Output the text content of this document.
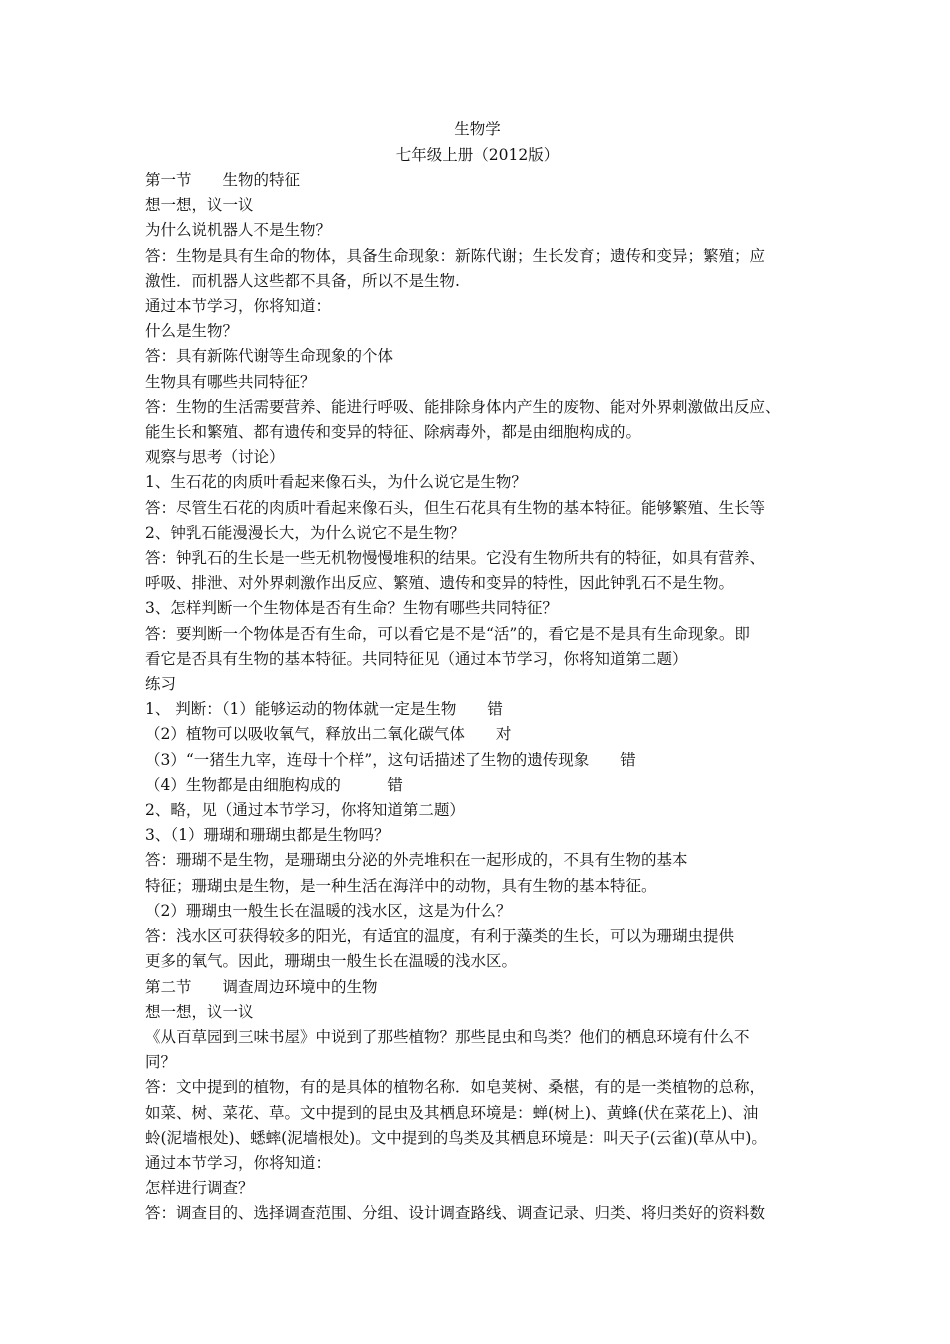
生物学
七年级上册（2012版）
第一节　　生物的特征
想一想，议一议
为什么说机器人不是生物？
答：生物是具有生命的物体，具备生命现象：新陈代谢；生长发育；遗传和变异；繁殖；应
激性．而机器人这些都不具备，所以不是生物.
通过本节学习，你将知道：
什么是生物？
答：具有新陈代谢等生命现象的个体
生物具有哪些共同特征？
答：生物的生活需要营养、能进行呼吸、能排除身体内产生的废物、能对外界刺激做出反应、
能生长和繁殖、都有遗传和变异的特征、除病毒外，都是由细胞构成的。
观察与思考（讨论）
1、生石花的肉质叶看起来像石头，为什么说它是生物？
答：尽管生石花的肉质叶看起来像石头，但生石花具有生物的基本特征。能够繁殖、生长等
2、钟乳石能漫漫长大，为什么说它不是生物？
答：钟乳石的生长是一些无机物慢慢堆积的结果。它没有生物所共有的特征，如具有营养、
呼吸、排泄、对外界刺激作出反应、繁殖、遗传和变异的特性，因此钟乳石不是生物。
3、怎样判断一个生物体是否有生命？生物有哪些共同特征？
答：要判断一个物体是否有生命，可以看它是不是“活”的，看它是不是具有生命现象。即
看它是否具有生物的基本特征。共同特征见（通过本节学习，你将知道第二题）
练习
1、 判断：（1）能够运动的物体就一定是生物　　错
（2）植物可以吸收氧气，释放出二氧化碳气体　　对
（3）“一猪生九宰，连母十个样”，这句话描述了生物的遗传现象　　错
（4）生物都是由细胞构成的　　　错
2、略，见（通过本节学习，你将知道第二题）
3、（1）珊瑚和珊瑚虫都是生物吗？
答：珊瑚不是生物，是珊瑚虫分泌的外壳堆积在一起形成的，不具有生物的基本
特征；珊瑚虫是生物，是一种生活在海洋中的动物，具有生物的基本特征。
（2）珊瑚虫一般生长在温暖的浅水区，这是为什么？
答：浅水区可获得较多的阳光，有适宜的温度，有利于藻类的生长，可以为珊瑚虫提供
更多的氧气。因此，珊瑚虫一般生长在温暖的浅水区。
第二节　　调查周边环境中的生物
想一想，议一议
《从百草园到三味书屋》中说到了那些植物？那些昆虫和鸟类？他们的栖息环境有什么不
同？
答：文中提到的植物，有的是具体的植物名称．如皂荚树、桑椹，有的是一类植物的总称，
如菜、树、菜花、草。文中提到的昆虫及其栖息环境是：蝉(树上)、黄蜂(伏在菜花上)、油
蛉(泥墙根处)、蟋蟀(泥墙根处)。文中提到的鸟类及其栖息环境是：叫天子(云雀)(草从中)。
通过本节学习，你将知道：
怎样进行调查？
答：调查目的、选择调查范围、分组、设计调查路线、调查记录、归类、将归类好的资料数
